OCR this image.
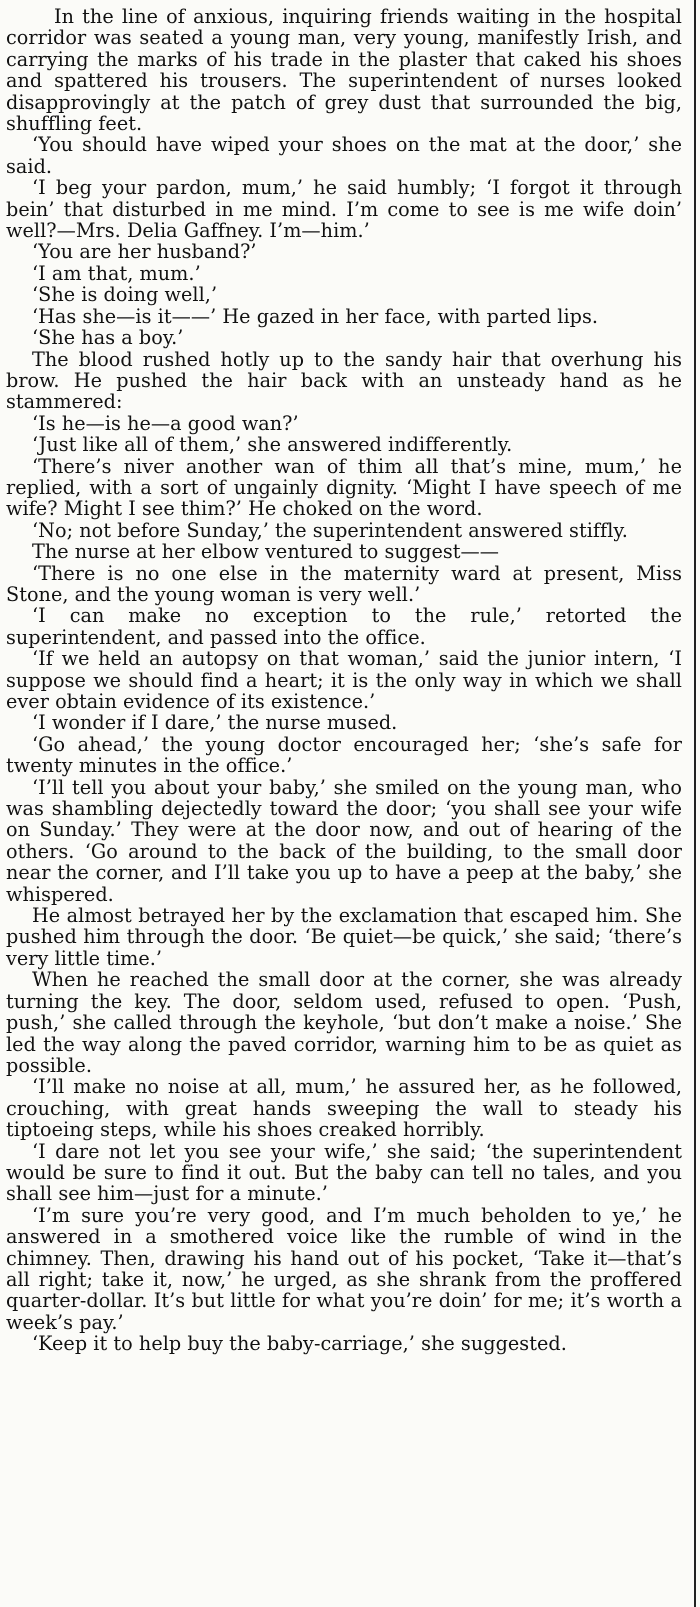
In the line of anxious, inquiring friends waiting in the hospital corridor was seated a young man, very young, manifestly Irish, and carrying the marks of his trade in the plaster that caked his shoes and spattered his trousers. The superintendent of nurses looked disapprovingly at the patch of grey dust that surrounded the big, shuffling feet.

‘You should have wiped your shoes on the mat at the door,’ she said.

‘I beg your pardon, mum,’ he said humbly; ‘I forgot it through bein’ that disturbed in me mind. I’m come to see is me wife doin’ well?—Mrs. Delia Gaffney. I’m—him.’

‘You are her husband?’

‘I am that, mum.’

‘She is doing well,’

‘Has she—is it——’ He gazed in her face, with parted lips.

‘She has a boy.’

The blood rushed hotly up to the sandy hair that overhung his brow. He pushed the hair back with an unsteady hand as he stammered:

‘Is he—is he—a good wan?’

‘Just like all of them,’ she answered indifferently.

‘There’s niver another wan of thim all that’s mine, mum,’ he replied, with a sort of ungainly dignity. ‘Might I have speech of me wife? Might I see thim?’ He choked on the word.

‘No; not before Sunday,’ the superintendent answered stiffly.

The nurse at her elbow ventured to suggest——

‘There is no one else in the maternity ward at present, Miss Stone, and the young woman is very well.’

‘I can make no exception to the rule,’ retorted the superintendent, and passed into the office.

‘If we held an autopsy on that woman,’ said the junior intern, ‘I suppose we should find a heart; it is the only way in which we shall ever obtain evidence of its existence.’

‘I wonder if I dare,’ the nurse mused.

‘Go ahead,’ the young doctor encouraged her; ‘she’s safe for twenty minutes in the office.’

‘I’ll tell you about your baby,’ she smiled on the young man, who was shambling dejectedly toward the door; ‘you shall see your wife on Sunday.’ They were at the door now, and out of hearing of the others. ‘Go around to the back of the building, to the small door near the corner, and I’ll take you up to have a peep at the baby,’ she whispered.

He almost betrayed her by the exclamation that escaped him. She pushed him through the door. ‘Be quiet—be quick,’ she said; ‘there’s very little time.’

When he reached the small door at the corner, she was already turning the key. The door, seldom used, refused to open. ‘Push, push,’ she called through the keyhole, ‘but don’t make a noise.’ She led the way along the paved corridor, warning him to be as quiet as possible.

‘I’ll make no noise at all, mum,’ he assured her, as he followed, crouching, with great hands sweeping the wall to steady his tiptoeing steps, while his shoes creaked horribly.

‘I dare not let you see your wife,’ she said; ‘the superintendent would be sure to find it out. But the baby can tell no tales, and you shall see him—just for a minute.’

‘I’m sure you’re very good, and I’m much beholden to ye,’ he answered in a smothered voice like the rumble of wind in the chimney. Then, drawing his hand out of his pocket, ‘Take it—that’s all right; take it, now,’ he urged, as she shrank from the proffered quarter-dollar. It’s but little for what you’re doin’ for me; it’s worth a week’s pay.’

‘Keep it to help buy the baby-carriage,’ she suggested.
